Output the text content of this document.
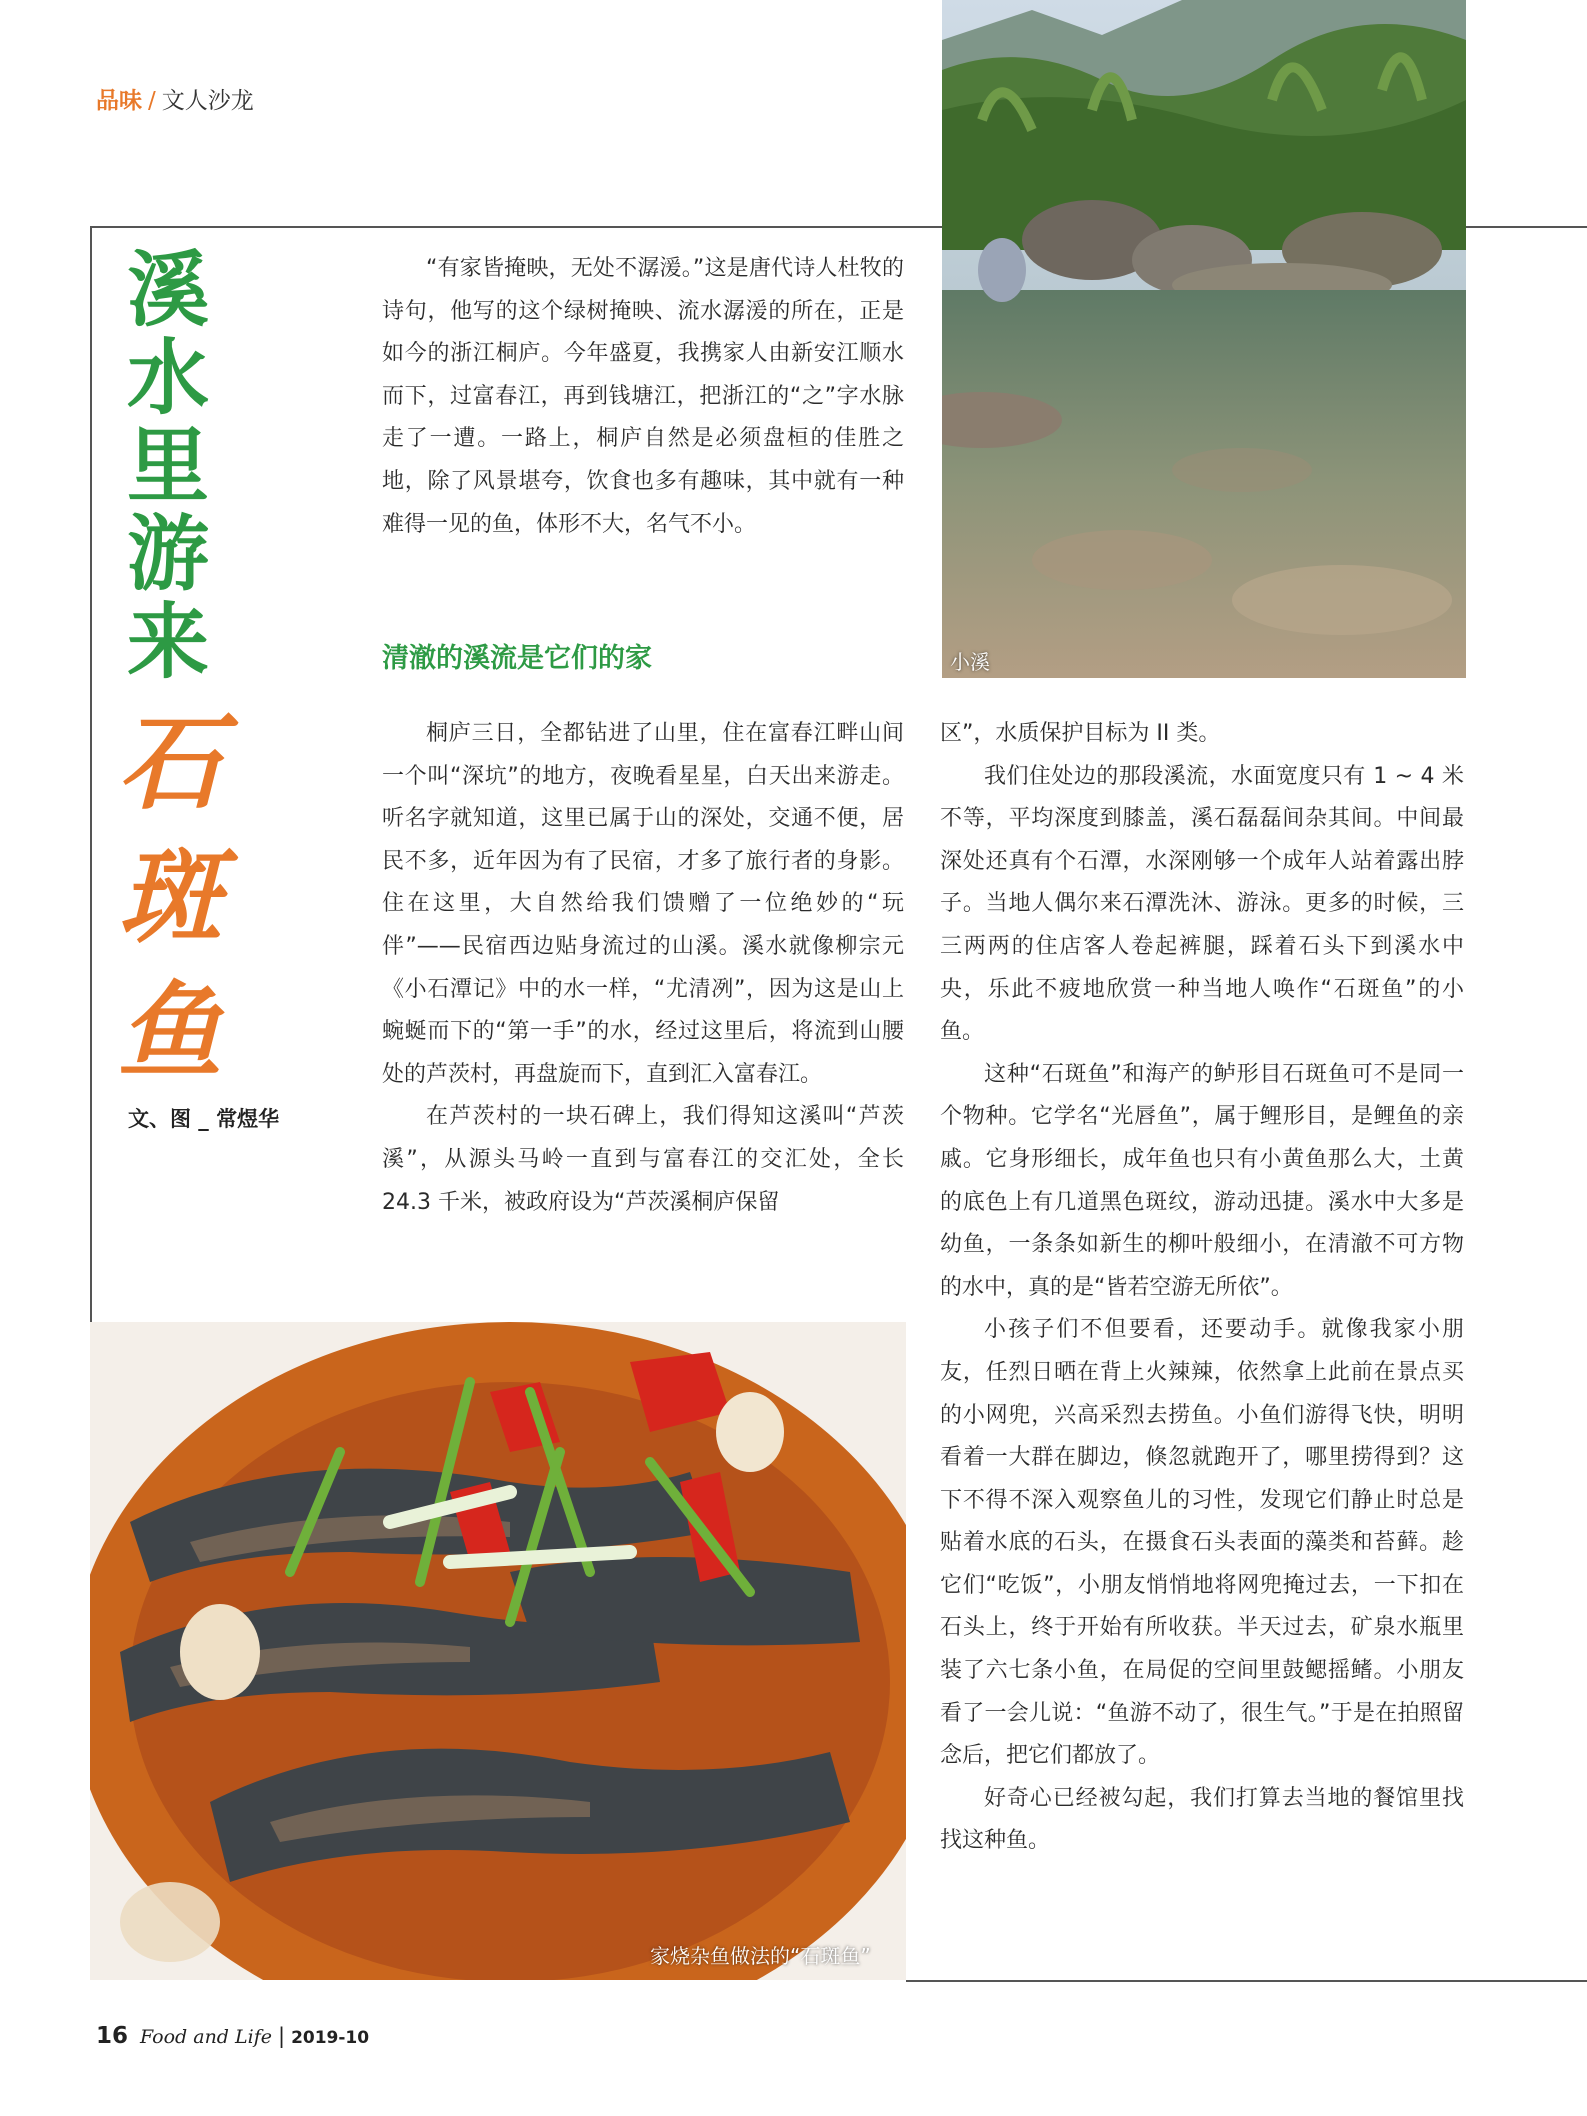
品味 / 文人沙龙
溪水里游来
石斑鱼
文、图 _ 常煜华

“有家皆掩映，无处不潺湲。”这是唐代诗人杜牧的诗句，他写的这个绿树掩映、流水潺湲的所在，正是如今的浙江桐庐。今年盛夏，我携家人由新安江顺水而下，过富春江，再到钱塘江，把浙江的“之”字水脉走了一遭。一路上，桐庐自然是必须盘桓的佳胜之地，除了风景堪夸，饮食也多有趣味，其中就有一种难得一见的鱼，体形不大，名气不小。

清澈的溪流是它们的家

桐庐三日，全都钻进了山里，住在富春江畔山间一个叫“深坑”的地方，夜晚看星星，白天出来游走。听名字就知道，这里已属于山的深处，交通不便，居民不多，近年因为有了民宿，才多了旅行者的身影。住在这里，大自然给我们馈赠了一位绝妙的“玩伴”——民宿西边贴身流过的山溪。溪水就像柳宗元《小石潭记》中的水一样，“尤清冽”，因为这是山上蜿蜒而下的“第一手”的水，经过这里后，将流到山腰处的芦茨村，再盘旋而下，直到汇入富春江。

在芦茨村的一块石碑上，我们得知这溪叫“芦茨溪”，从源头马岭一直到与富春江的交汇处，全长 24.3 千米，被政府设为“芦茨溪桐庐保留

区”，水质保护目标为 II 类。

我们住处边的那段溪流，水面宽度只有 1 ~ 4 米不等，平均深度到膝盖，溪石磊磊间杂其间。中间最深处还真有个石潭，水深刚够一个成年人站着露出脖子。当地人偶尔来石潭洗沐、游泳。更多的时候，三三两两的住店客人卷起裤腿，踩着石头下到溪水中央，乐此不疲地欣赏一种当地人唤作“石斑鱼”的小鱼。

这种“石斑鱼”和海产的鲈形目石斑鱼可不是同一个物种。它学名“光唇鱼”，属于鲤形目，是鲤鱼的亲戚。它身形细长，成年鱼也只有小黄鱼那么大，土黄的底色上有几道黑色斑纹，游动迅捷。溪水中大多是幼鱼，一条条如新生的柳叶般细小，在清澈不可方物的水中，真的是“皆若空游无所依”。

小孩子们不但要看，还要动手。就像我家小朋友，任烈日晒在背上火辣辣，依然拿上此前在景点买的小网兜，兴高采烈去捞鱼。小鱼们游得飞快，明明看着一大群在脚边，倏忽就跑开了，哪里捞得到？这下不得不深入观察鱼儿的习性，发现它们静止时总是贴着水底的石头，在摄食石头表面的藻类和苔藓。趁它们“吃饭”，小朋友悄悄地将网兜掩过去，一下扣在石头上，终于开始有所收获。半天过去，矿泉水瓶里装了六七条小鱼，在局促的空间里鼓鳃摇鳍。小朋友看了一会儿说：“鱼游不动了，很生气。”于是在拍照留念后，把它们都放了。

好奇心已经被勾起，我们打算去当地的餐馆里找找这种鱼。

小溪
家烧杂鱼做法的“石斑鱼”
16 Food and Life | 2019-10
